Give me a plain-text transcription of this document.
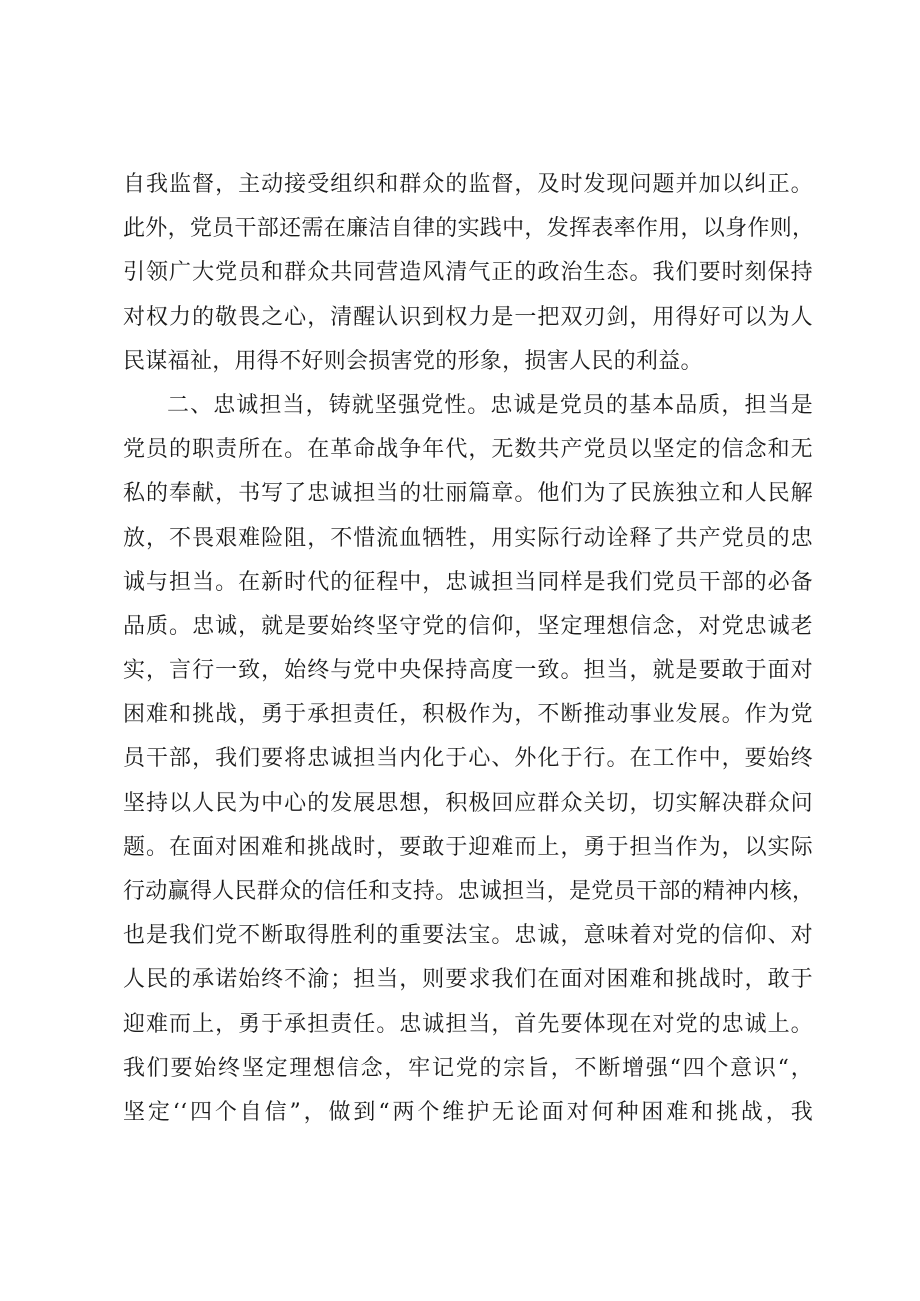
自我监督，主动接受组织和群众的监督，及时发现问题并加以纠正。
此外，党员干部还需在廉洁自律的实践中，发挥表率作用，以身作则，
引领广大党员和群众共同营造风清气正的政治生态。我们要时刻保持
对权力的敬畏之心，清醒认识到权力是一把双刃剑，用得好可以为人
民谋福祉，用得不好则会损害党的形象，损害人民的利益。
二、忠诚担当，铸就坚强党性。忠诚是党员的基本品质，担当是
党员的职责所在。在革命战争年代，无数共产党员以坚定的信念和无
私的奉献，书写了忠诚担当的壮丽篇章。他们为了民族独立和人民解
放，不畏艰难险阻，不惜流血牺牲，用实际行动诠释了共产党员的忠
诚与担当。在新时代的征程中，忠诚担当同样是我们党员干部的必备
品质。忠诚，就是要始终坚守党的信仰，坚定理想信念，对党忠诚老
实，言行一致，始终与党中央保持高度一致。担当，就是要敢于面对
困难和挑战，勇于承担责任，积极作为，不断推动事业发展。作为党
员干部，我们要将忠诚担当内化于心、外化于行。在工作中，要始终
坚持以人民为中心的发展思想，积极回应群众关切，切实解决群众问
题。在面对困难和挑战时，要敢于迎难而上，勇于担当作为，以实际
行动赢得人民群众的信任和支持。忠诚担当，是党员干部的精神内核，
也是我们党不断取得胜利的重要法宝。忠诚，意味着对党的信仰、对
人民的承诺始终不渝；担当，则要求我们在面对困难和挑战时，敢于
迎难而上，勇于承担责任。忠诚担当，首先要体现在对党的忠诚上。
我们要始终坚定理想信念，牢记党的宗旨，不断增强“四个意识“，
坚定‘‘四个自信”，做到“两个维护无论面对何种困难和挑战，我
